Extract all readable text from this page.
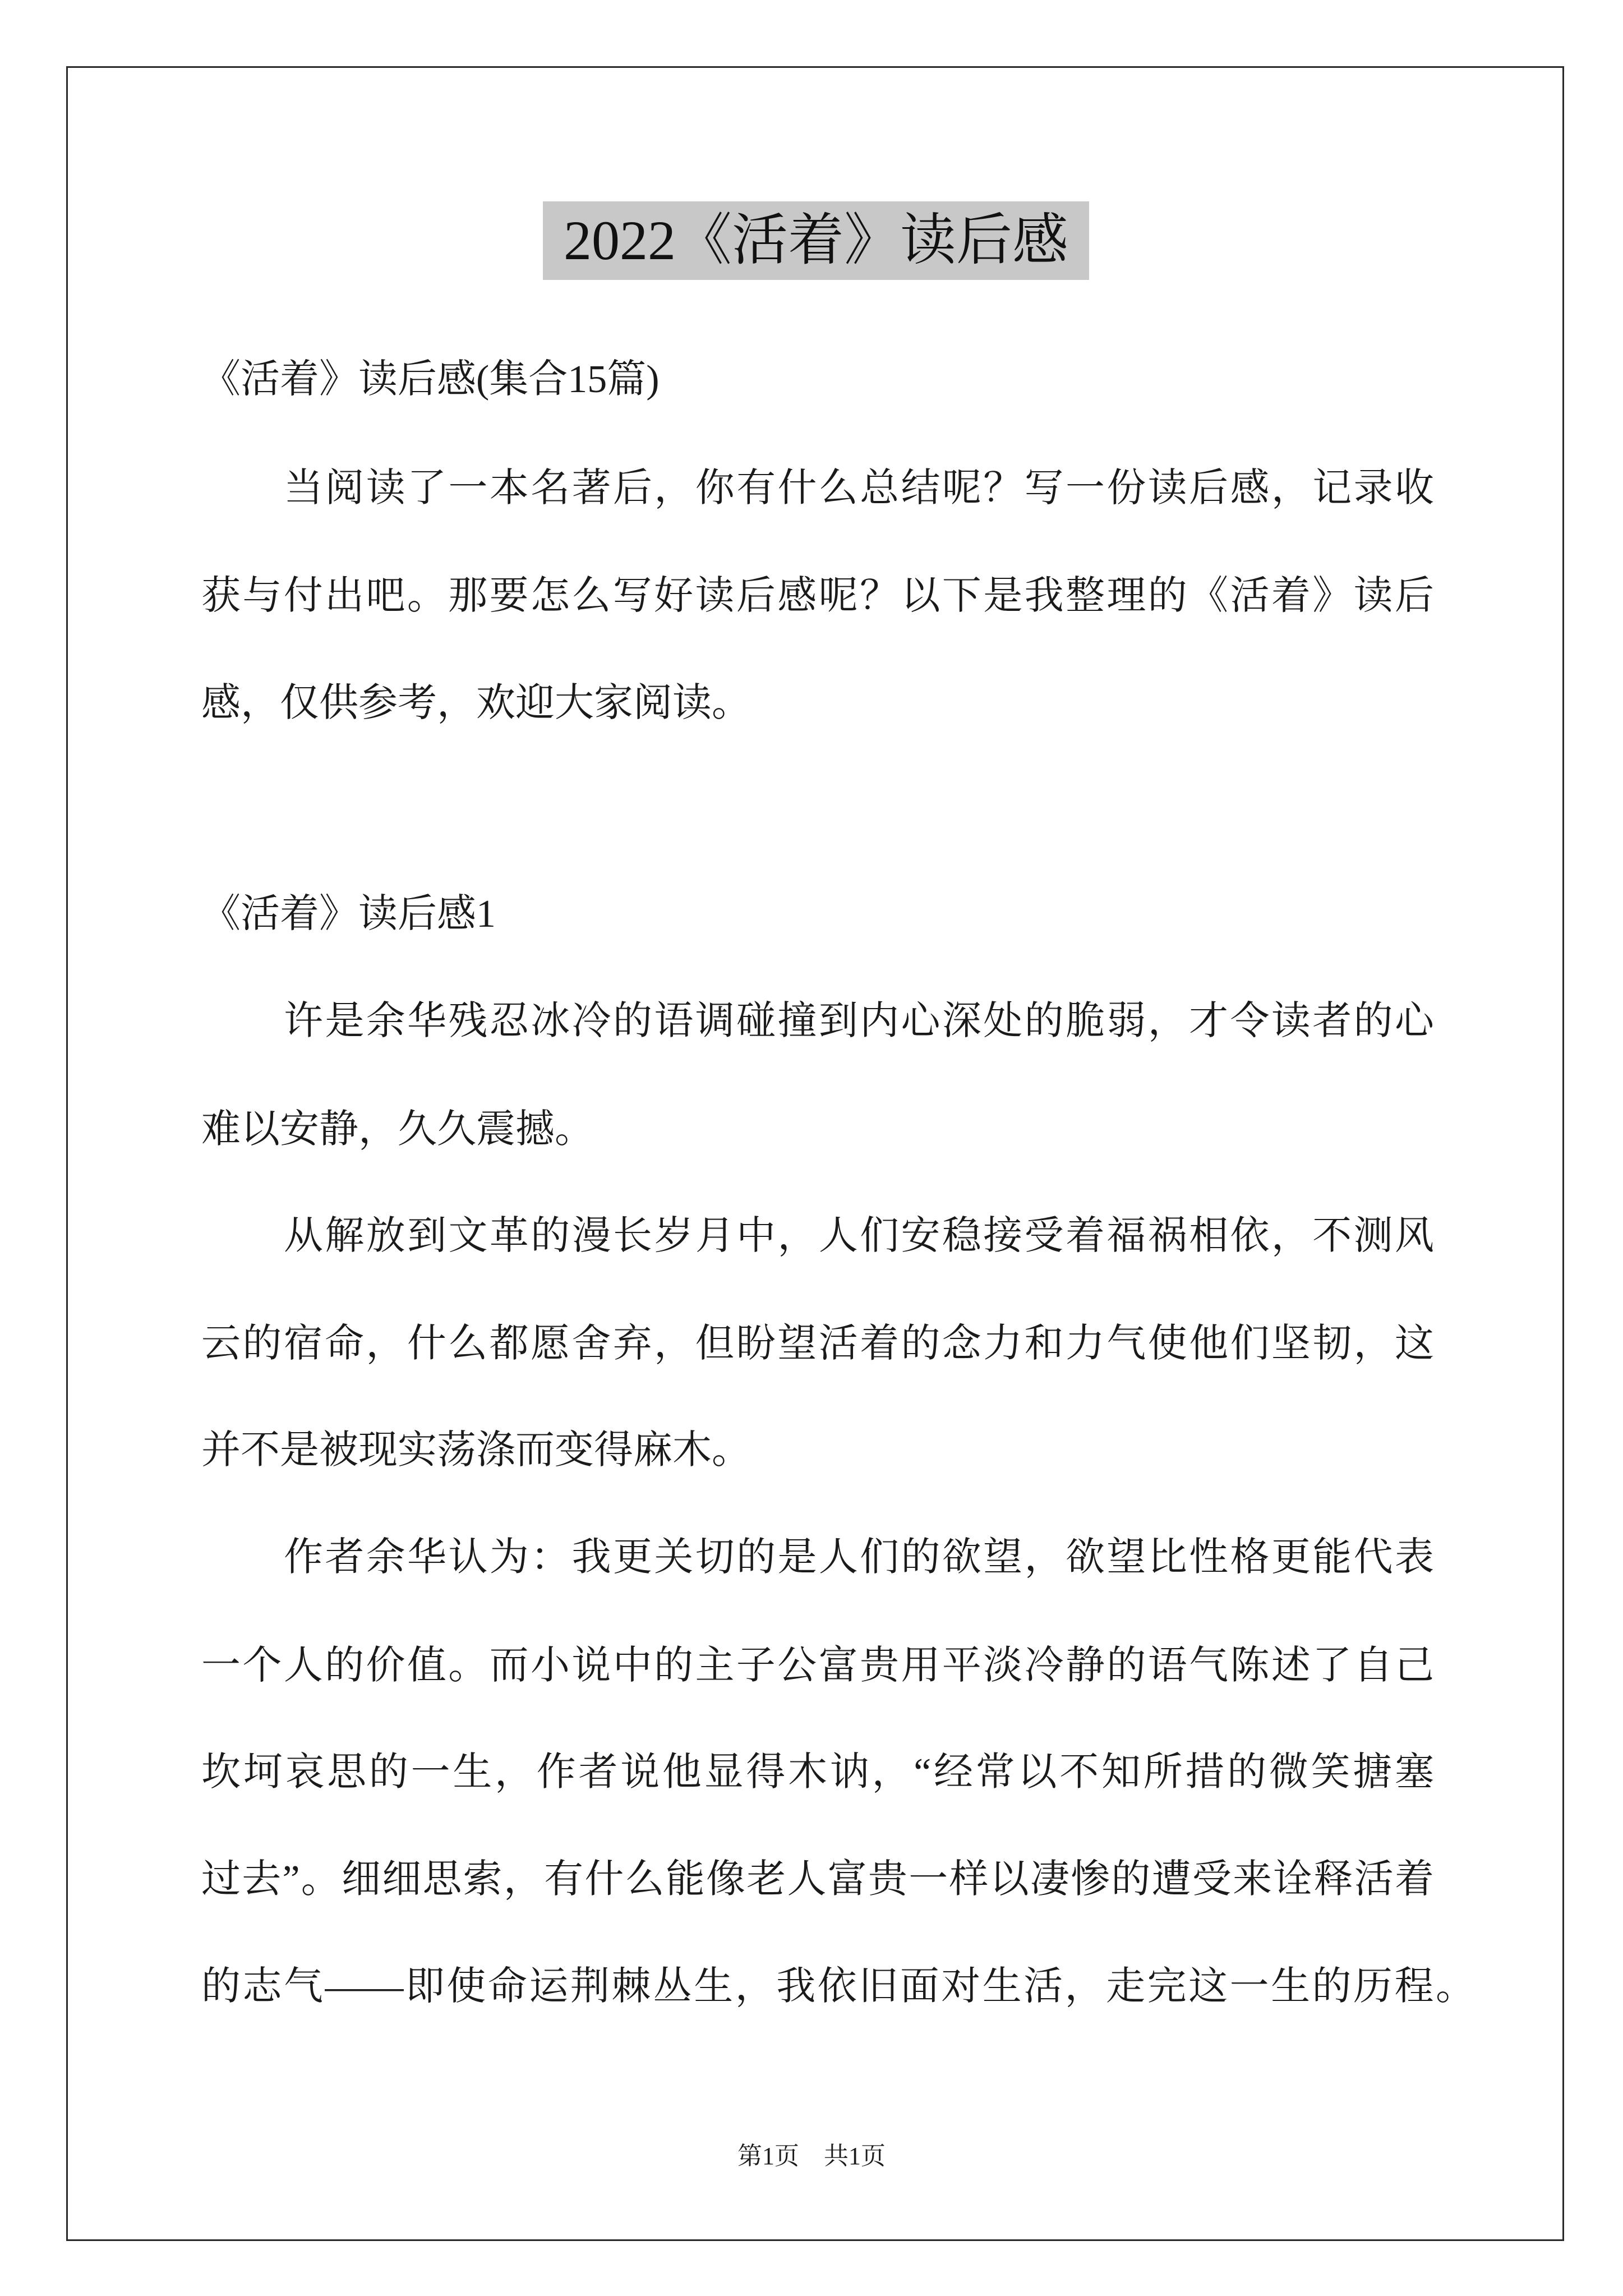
2022《活着》读后感
《活着》读后感(集合15篇)
当阅读了一本名著后，你有什么总结呢？写一份读后感，记录收
获与付出吧。那要怎么写好读后感呢？以下是我整理的《活着》读后
感，仅供参考，欢迎大家阅读。
《活着》读后感1
许是余华残忍冰冷的语调碰撞到内心深处的脆弱，才令读者的心
难以安静，久久震撼。
从解放到文革的漫长岁月中，人们安稳接受着福祸相依，不测风
云的宿命，什么都愿舍弃，但盼望活着的念力和力气使他们坚韧，这
并不是被现实荡涤而变得麻木。
作者余华认为：我更关切的是人们的欲望，欲望比性格更能代表
一个人的价值。而小说中的主子公富贵用平淡冷静的语气陈述了自己
坎坷哀思的一生，作者说他显得木讷，“经常以不知所措的微笑搪塞
过去”。细细思索，有什么能像老人富贵一样以凄惨的遭受来诠释活着
的志气——即使命运荆棘丛生，我依旧面对生活，走完这一生的历程。
第1页 共1页
